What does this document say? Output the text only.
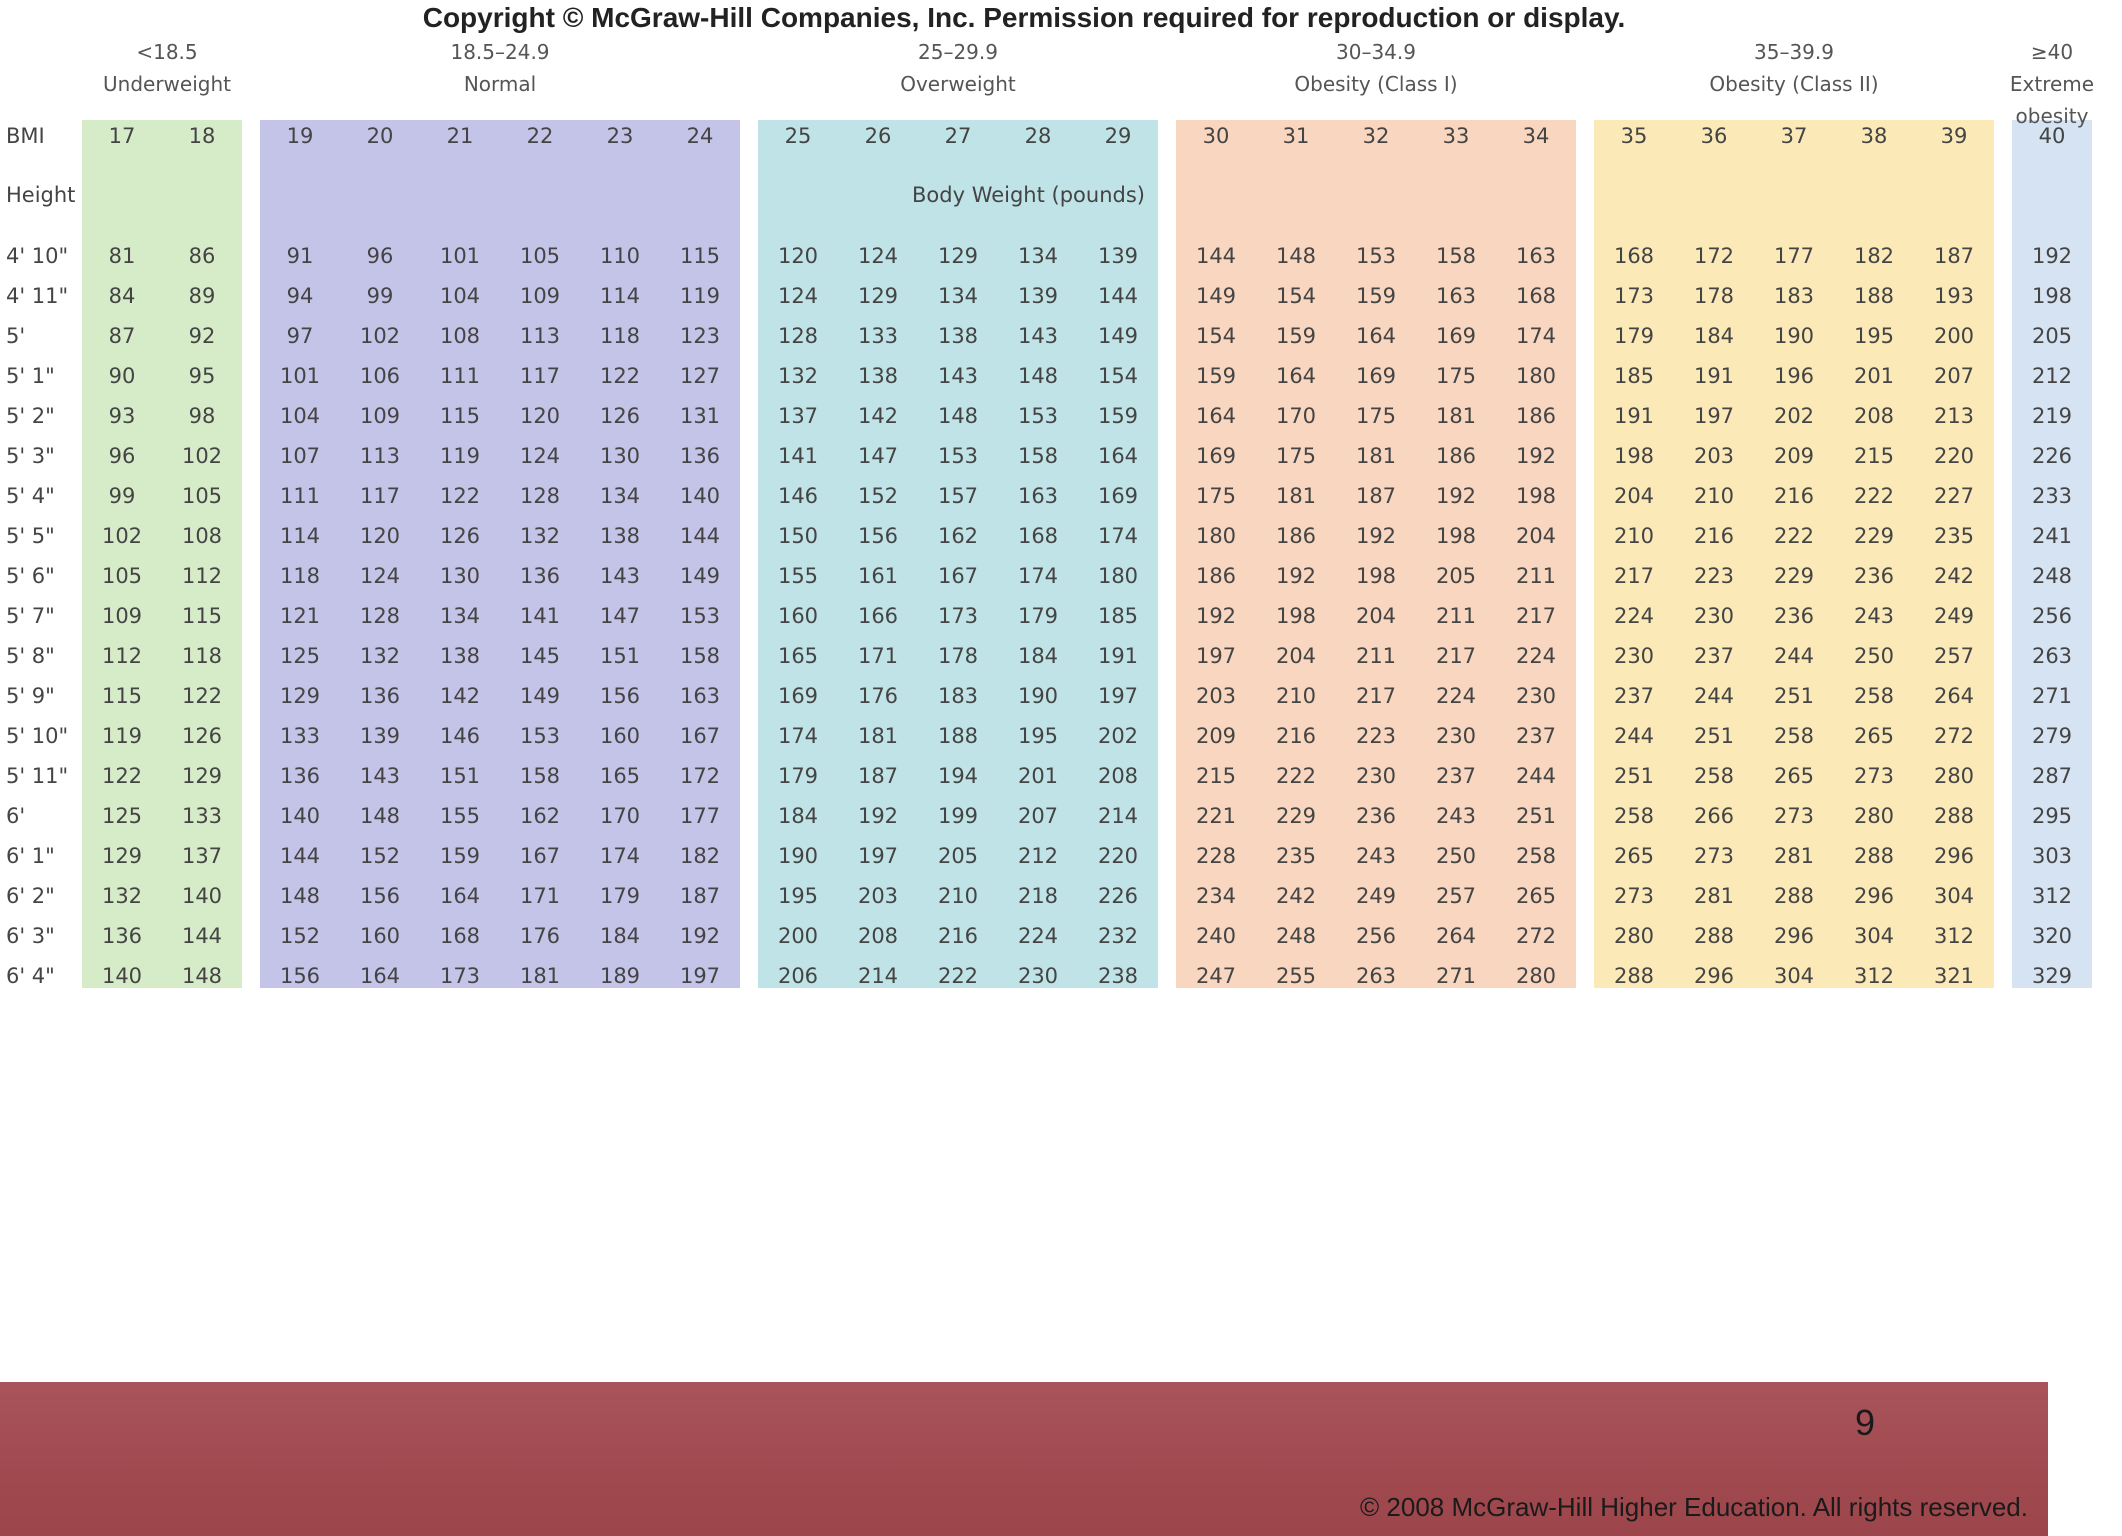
Copyright © McGraw-Hill Companies, Inc. Permission required for reproduction or display.
<18.5
Underweight
18.5–24.9
Normal
25–29.9
Overweight
30–34.9
Obesity (Class I)
35–39.9
Obesity (Class II)
≥40
Extreme obesity
BMI
Height
17	18	19	20	21	22	23	24	25	26	27	28	29	30	31	32	33	34	35	36	37	38	39	40
Body Weight (pounds)
4' 10"	81	86	91	96	101	105	110	115	120	124	129	134	139	144	148	153	158	163	168	172	177	182	187	192
4' 11"	84	89	94	99	104	109	114	119	124	129	134	139	144	149	154	159	163	168	173	178	183	188	193	198
5'	87	92	97	102	108	113	118	123	128	133	138	143	149	154	159	164	169	174	179	184	190	195	200	205
5' 1"	90	95	101	106	111	117	122	127	132	138	143	148	154	159	164	169	175	180	185	191	196	201	207	212
5' 2"	93	98	104	109	115	120	126	131	137	142	148	153	159	164	170	175	181	186	191	197	202	208	213	219
5' 3"	96	102	107	113	119	124	130	136	141	147	153	158	164	169	175	181	186	192	198	203	209	215	220	226
5' 4"	99	105	111	117	122	128	134	140	146	152	157	163	169	175	181	187	192	198	204	210	216	222	227	233
5' 5"	102	108	114	120	126	132	138	144	150	156	162	168	174	180	186	192	198	204	210	216	222	229	235	241
5' 6"	105	112	118	124	130	136	143	149	155	161	167	174	180	186	192	198	205	211	217	223	229	236	242	248
5' 7"	109	115	121	128	134	141	147	153	160	166	173	179	185	192	198	204	211	217	224	230	236	243	249	256
5' 8"	112	118	125	132	138	145	151	158	165	171	178	184	191	197	204	211	217	224	230	237	244	250	257	263
5' 9"	115	122	129	136	142	149	156	163	169	176	183	190	197	203	210	217	224	230	237	244	251	258	264	271
5' 10"	119	126	133	139	146	153	160	167	174	181	188	195	202	209	216	223	230	237	244	251	258	265	272	279
5' 11"	122	129	136	143	151	158	165	172	179	187	194	201	208	215	222	230	237	244	251	258	265	273	280	287
6'	125	133	140	148	155	162	170	177	184	192	199	207	214	221	229	236	243	251	258	266	273	280	288	295
6' 1"	129	137	144	152	159	167	174	182	190	197	205	212	220	228	235	243	250	258	265	273	281	288	296	303
6' 2"	132	140	148	156	164	171	179	187	195	203	210	218	226	234	242	249	257	265	273	281	288	296	304	312
6' 3"	136	144	152	160	168	176	184	192	200	208	216	224	232	240	248	256	264	272	280	288	296	304	312	320
6' 4"	140	148	156	164	173	181	189	197	206	214	222	230	238	247	255	263	271	280	288	296	304	312	321	329
9
© 2008 McGraw-Hill Higher Education. All rights reserved.
